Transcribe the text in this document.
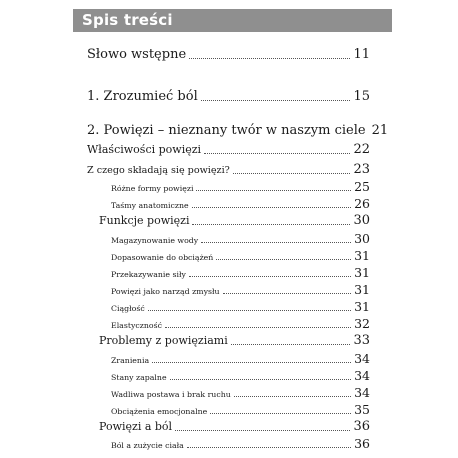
Spis treści
Słowo wstępne	11
1. Zrozumieć ból	15
2. Powięzi – nieznany twór w naszym ciele 21
Właściwości powięzi	22
Z czego składają się powięzi?	23
Różne formy powięzi	25
Taśmy anatomiczne	26
Funkcje powięzi	30
Magazynowanie wody	30
Dopasowanie do obciążeń	31
Przekazywanie siły	31
Powięzi jako narząd zmysłu	31
Ciągłość	31
Elastyczność	32
Problemy z powięziami	33
Zranienia	34
Stany zapalne	34
Wadliwa postawa i brak ruchu	34
Obciążenia emocjonalne	35
Powięzi a ból	36
Ból a zużycie ciała	36
